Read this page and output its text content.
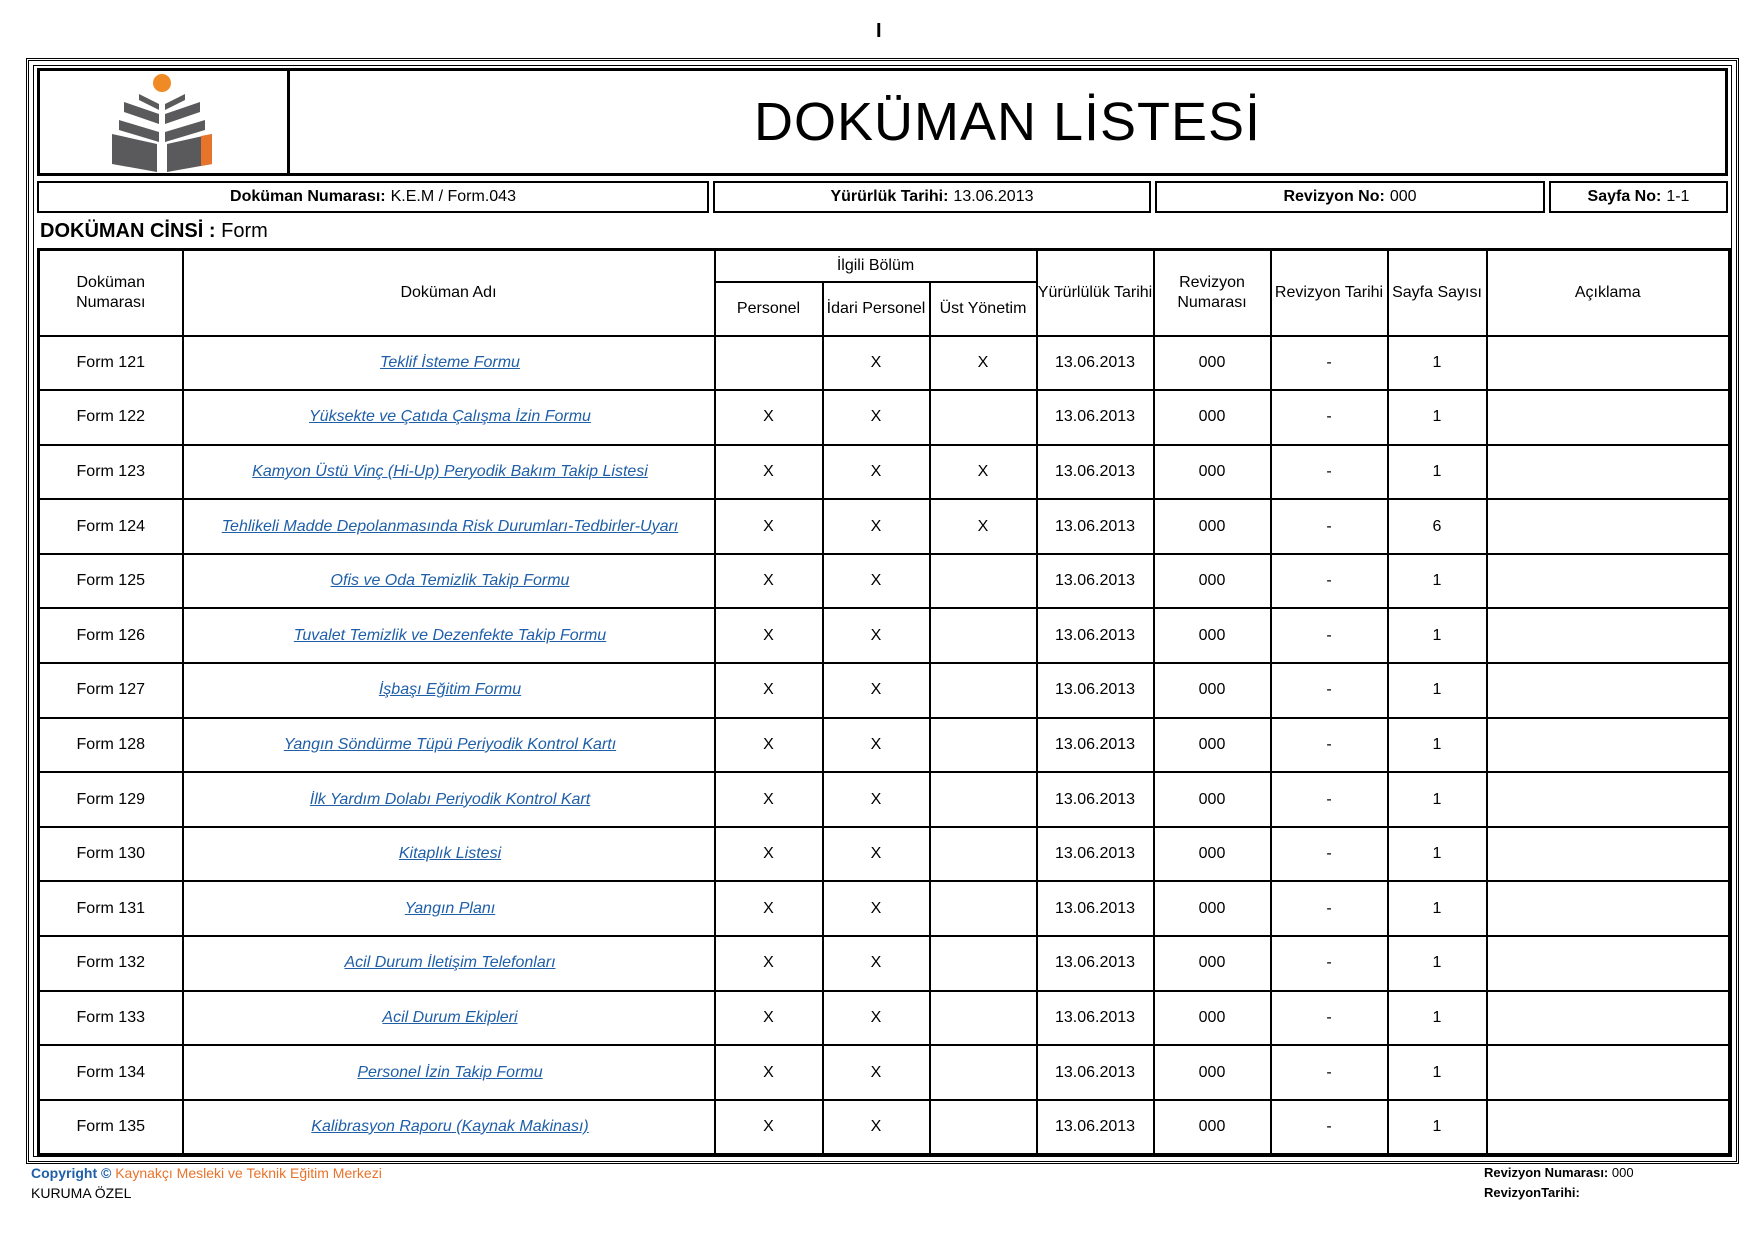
I
DOKÜMAN LİSTESİ
Doküman Numarası: K.E.M / Form.043	Yürürlük Tarihi: 13.06.2013	Revizyon No: 000	Sayfa No: 1-1
DOKÜMAN CİNSİ : Form
Doküman Numarası	Doküman Adı	İlgili Bölüm			Yürürlülük Tarihi	Revizyon Numarası	Revizyon Tarihi	Sayfa Sayısı	Açıklama
		Personel	İdari Personel	Üst Yönetim					
Form 121	Teklif İsteme Formu		X	X	13.06.2013	000	-	1	
Form 122	Yüksekte ve Çatıda Çalışma İzin Formu	X	X		13.06.2013	000	-	1	
Form 123	Kamyon Üstü Vinç (Hi-Up) Peryodik Bakım Takip Listesi	X	X	X	13.06.2013	000	-	1	
Form 124	Tehlikeli Madde Depolanmasında Risk Durumları-Tedbirler-Uyarı	X	X	X	13.06.2013	000	-	6	
Form 125	Ofis ve Oda Temizlik Takip Formu	X	X		13.06.2013	000	-	1	
Form 126	Tuvalet Temizlik ve Dezenfekte Takip Formu	X	X		13.06.2013	000	-	1	
Form 127	İşbaşı Eğitim Formu	X	X		13.06.2013	000	-	1	
Form 128	Yangın Söndürme Tüpü Periyodik Kontrol Kartı	X	X		13.06.2013	000	-	1	
Form 129	İlk Yardım Dolabı Periyodik Kontrol Kart	X	X		13.06.2013	000	-	1	
Form 130	Kitaplık Listesi	X	X		13.06.2013	000	-	1	
Form 131	Yangın Planı	X	X		13.06.2013	000	-	1	
Form 132	Acil Durum İletişim Telefonları	X	X		13.06.2013	000	-	1	
Form 133	Acil Durum Ekipleri	X	X		13.06.2013	000	-	1	
Form 134	Personel İzin Takip Formu	X	X		13.06.2013	000	-	1	
Form 135	Kalibrasyon Raporu (Kaynak Makinası)	X	X		13.06.2013	000	-	1	
Copyright © Kaynakçı Mesleki ve Teknik Eğitim Merkezi
KURUMA ÖZEL
Revizyon Numarası: 000
RevizyonTarihi:
